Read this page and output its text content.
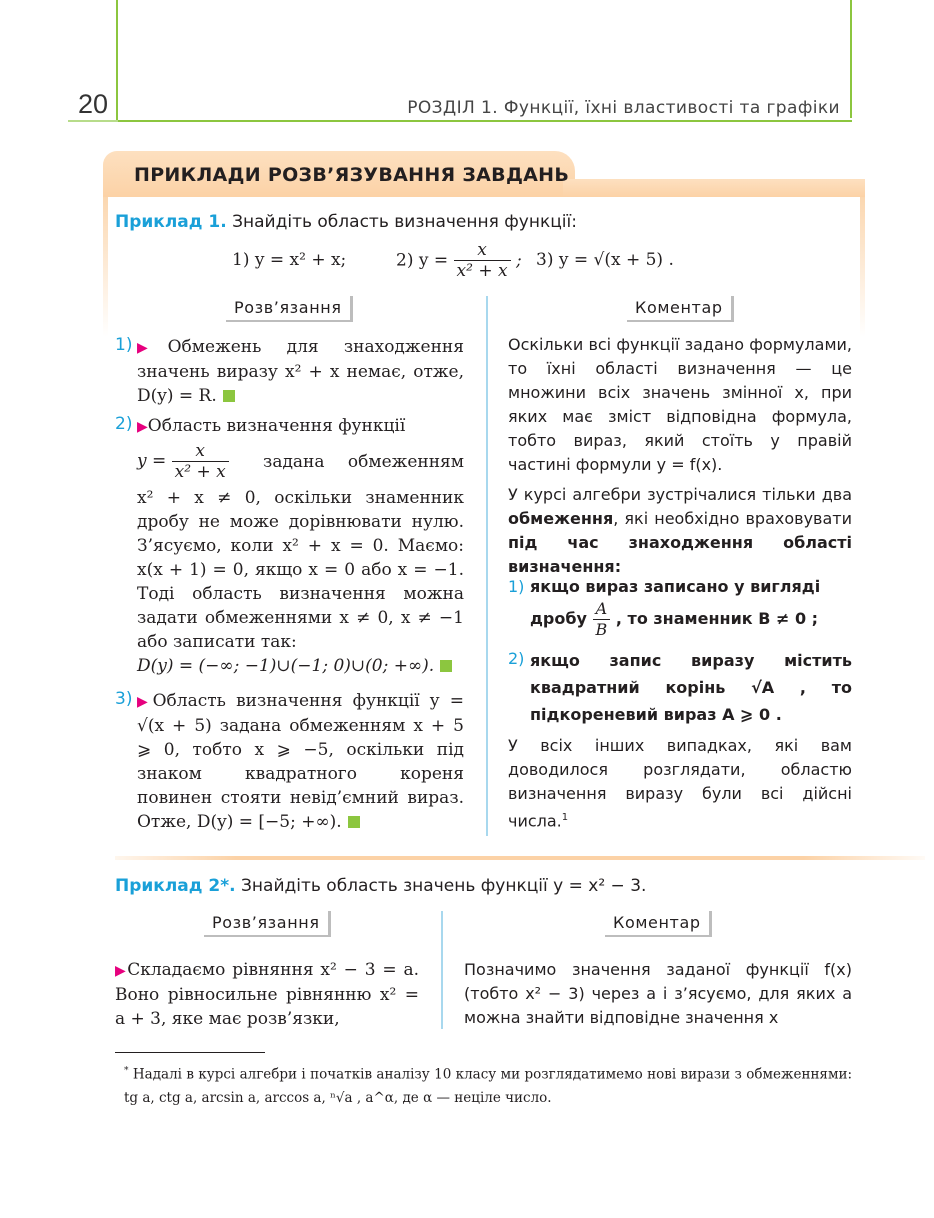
20	РОЗДІЛ 1. Функції, їхні властивості та графіки
ПРИКЛАДИ РОЗВ’ЯЗУВАННЯ ЗАВДАНЬ
Приклад 1. Знайдіть область визначення функції:
1) y = x² + x;	2) $y = \frac{x}{\text{x² + x}}$ ; 3) y = √(x + 5) .
Розв’язання	Коментар
1) ▶Обмежень для знаходження значень виразу x² + x немає, отже, D(y) = R.
2) ▶Область визначення функції
$y = \frac{x}{\text{x² + x}}$ задана обмеженням
x² + x ≠ 0, оскільки знаменник дробу не може дорівнювати нулю. З’ясуємо, коли x² + x = 0. Маємо: x(x + 1) = 0, якщо x = 0 або x = −1. Тоді область визначення можна задати обмеженнями x ≠ 0, x ≠ −1 або записати так:
D(y) = (−∞; −1)∪(−1; 0)∪(0; +∞).
3) ▶Область визначення функції y = √(x + 5) задана обмеженням x + 5 ⩾ 0, тобто x ⩾ −5, оскільки під знаком квадратного кореня повинен стояти невід’ємний вираз. Отже, D(y) = [−5; +∞).

Оскільки всі функції задано формулами, то їхні області визначення — це множини всіх значень змінної x, при яких має зміст відповідна формула, тобто вираз, який стоїть у правій частині формули y = f(x).

У курсі алгебри зустрічалися тільки два обмеження, які необхідно враховувати під час знаходження області визначення:

1) якщо вираз записано у вигляді дробу $\frac{A}{B}$ , то знаменник B ≠ 0 ;
2) якщо запис виразу містить квадратний корінь √A , то підкореневий вираз A ⩾ 0 .

У всіх інших випадках, які вам доводилося розглядати, областю визначення виразу були всі дійсні числа.$^1$

Приклад 2*. Знайдіть область значень функції y = x² − 3.
Розв’язання	Коментар
▶Складаємо рівняння x² − 3 = a. Воно рівносильне рівнянню x² = a + 3, яке має розв’язки,

Позначимо значення заданої функції f(x) (тобто x² − 3) через a і з’ясуємо, для яких a можна знайти відповідне значення x

* Надалі в курсі алгебри і початків аналізу 10 класу ми розглядатимемо нові вирази з обмеженнями: tg a, ctg a, arcsin a, arccos a, ⁿ√a , a^α, де α — неціле число.
